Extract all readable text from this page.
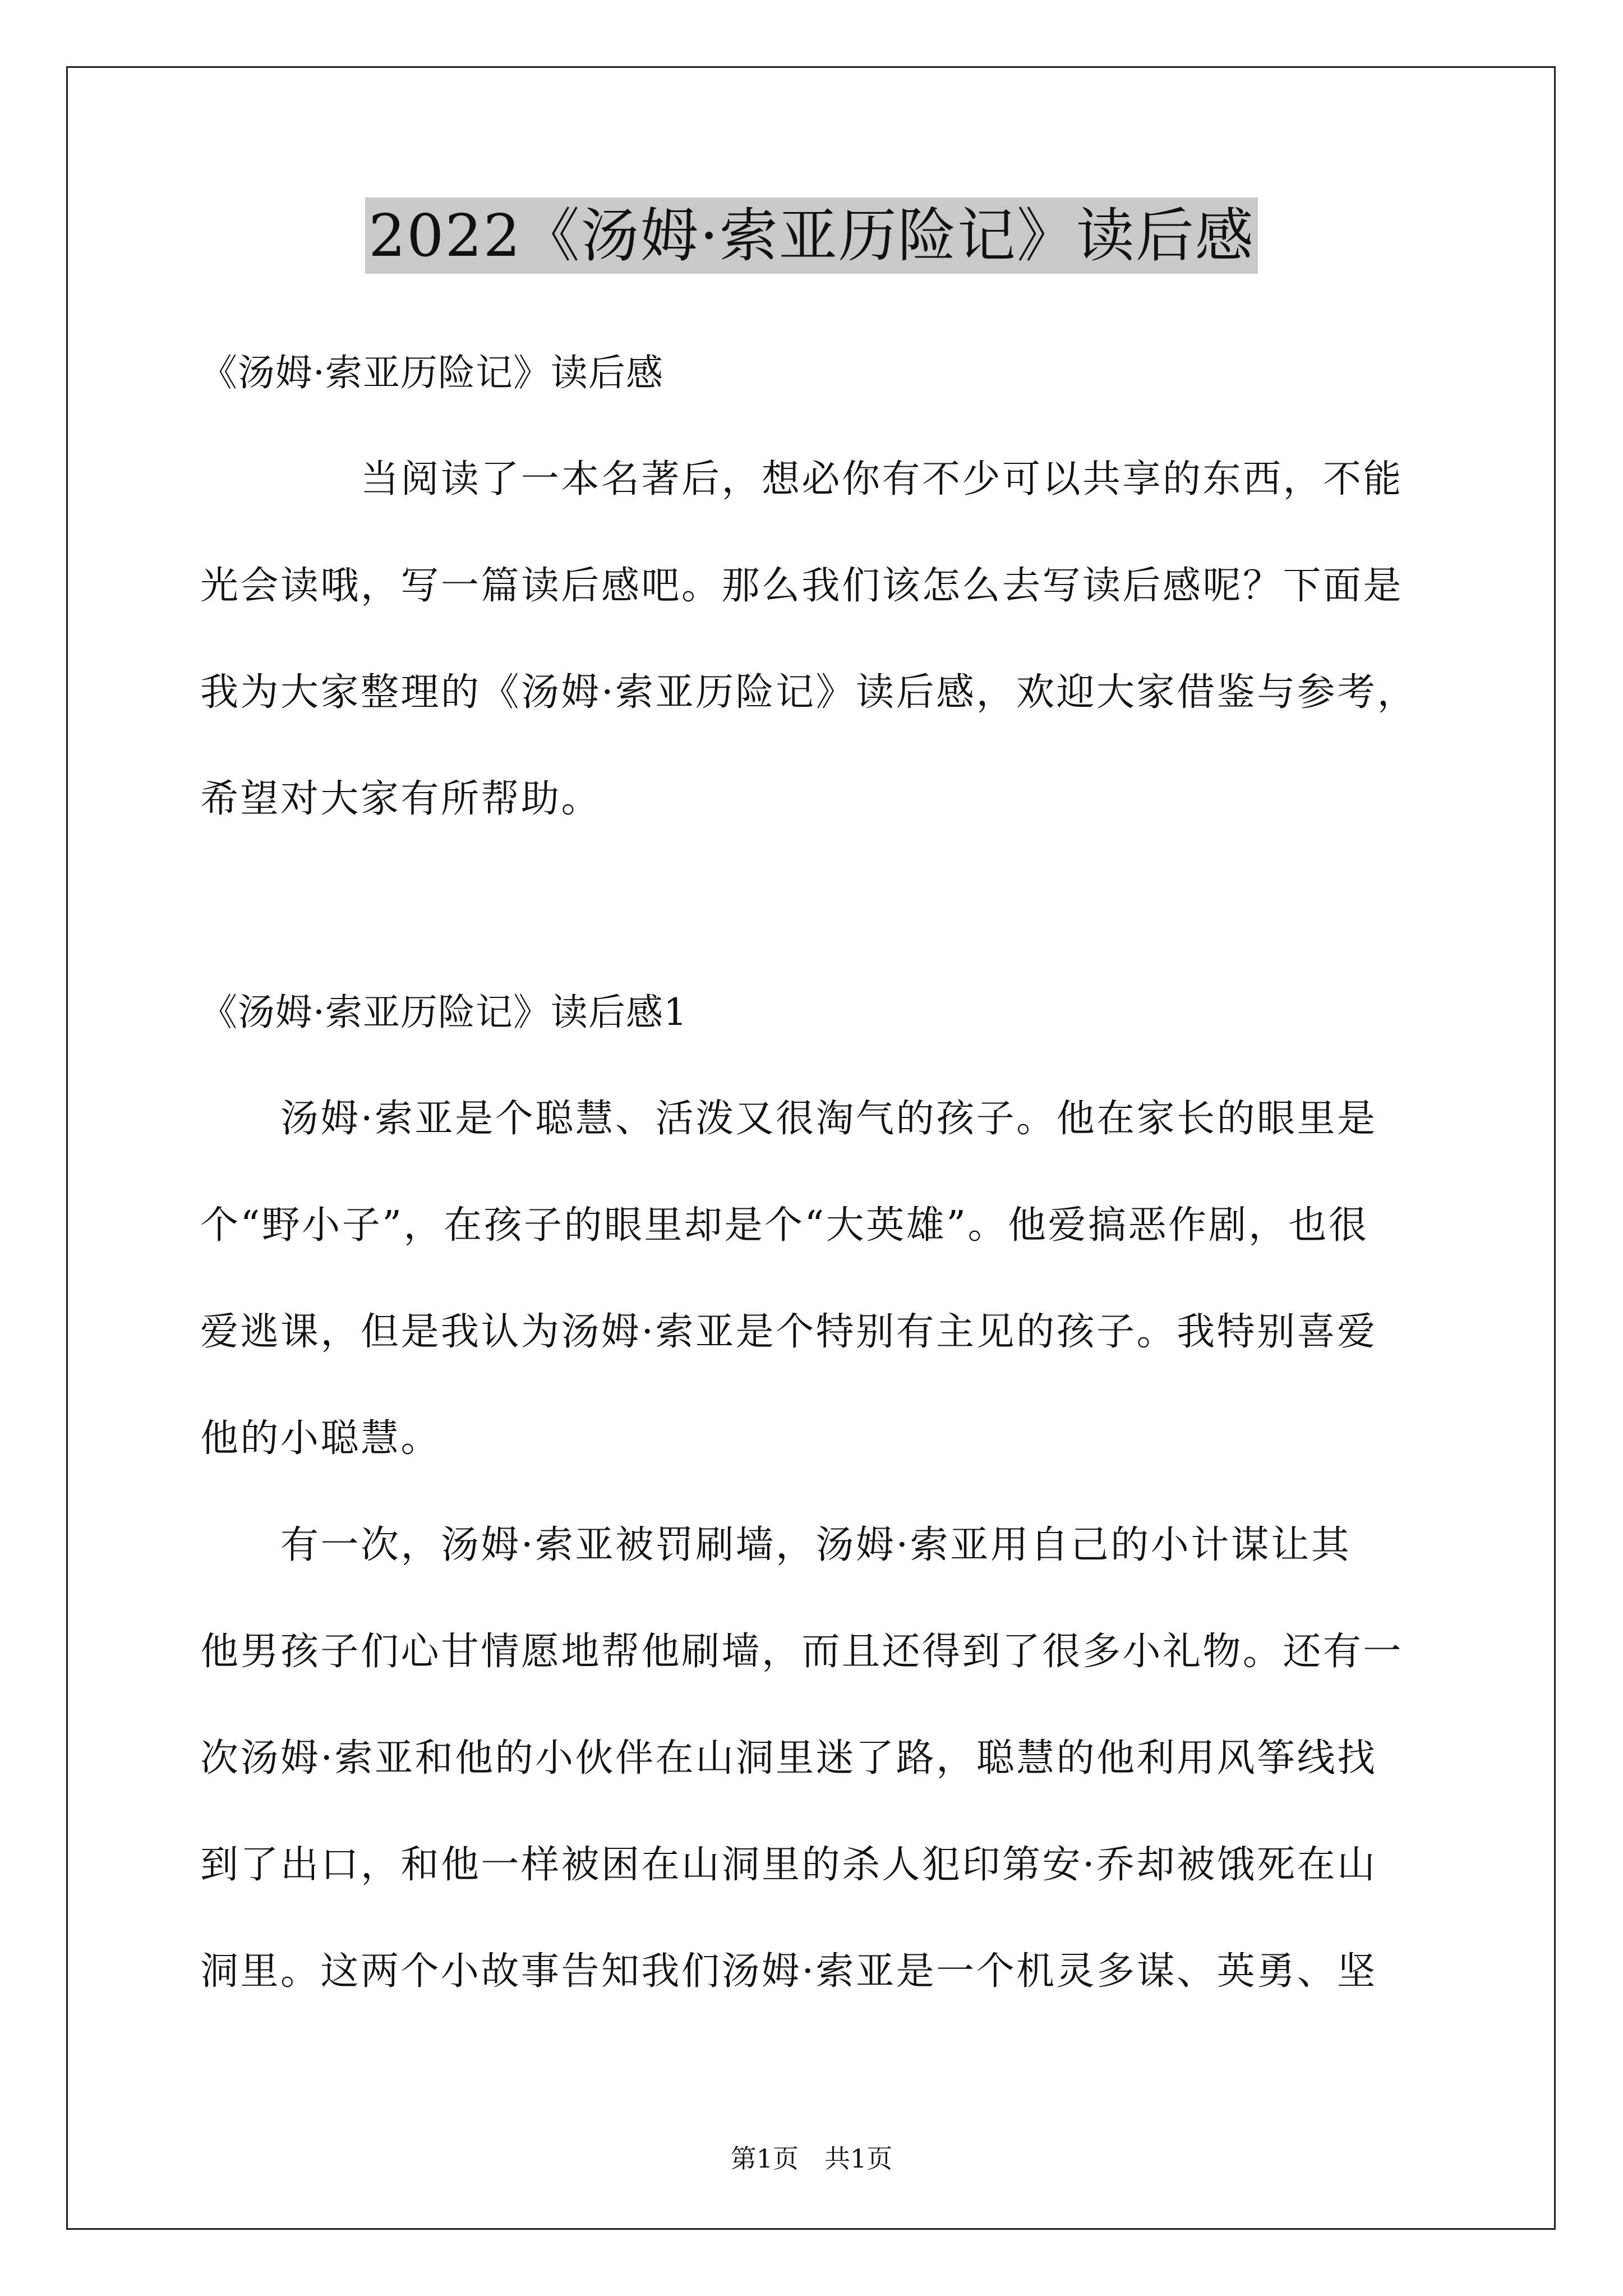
2022《汤姆·索亚历险记》读后感
《汤姆·索亚历险记》读后感
　　　　当阅读了一本名著后，想必你有不少可以共享的东西，不能
光会读哦，写一篇读后感吧。那么我们该怎么去写读后感呢？下面是
我为大家整理的《汤姆·索亚历险记》读后感，欢迎大家借鉴与参考，
希望对大家有所帮助。
《汤姆·索亚历险记》读后感1
　　汤姆·索亚是个聪慧、活泼又很淘气的孩子。他在家长的眼里是
个“野小子”，在孩子的眼里却是个“大英雄”。他爱搞恶作剧，也很
爱逃课，但是我认为汤姆·索亚是个特别有主见的孩子。我特别喜爱
他的小聪慧。
　　有一次，汤姆·索亚被罚刷墙，汤姆·索亚用自己的小计谋让其
他男孩子们心甘情愿地帮他刷墙，而且还得到了很多小礼物。还有一
次汤姆·索亚和他的小伙伴在山洞里迷了路，聪慧的他利用风筝线找
到了出口，和他一样被困在山洞里的杀人犯印第安·乔却被饿死在山
洞里。这两个小故事告知我们汤姆·索亚是一个机灵多谋、英勇、坚
第1页　共1页
